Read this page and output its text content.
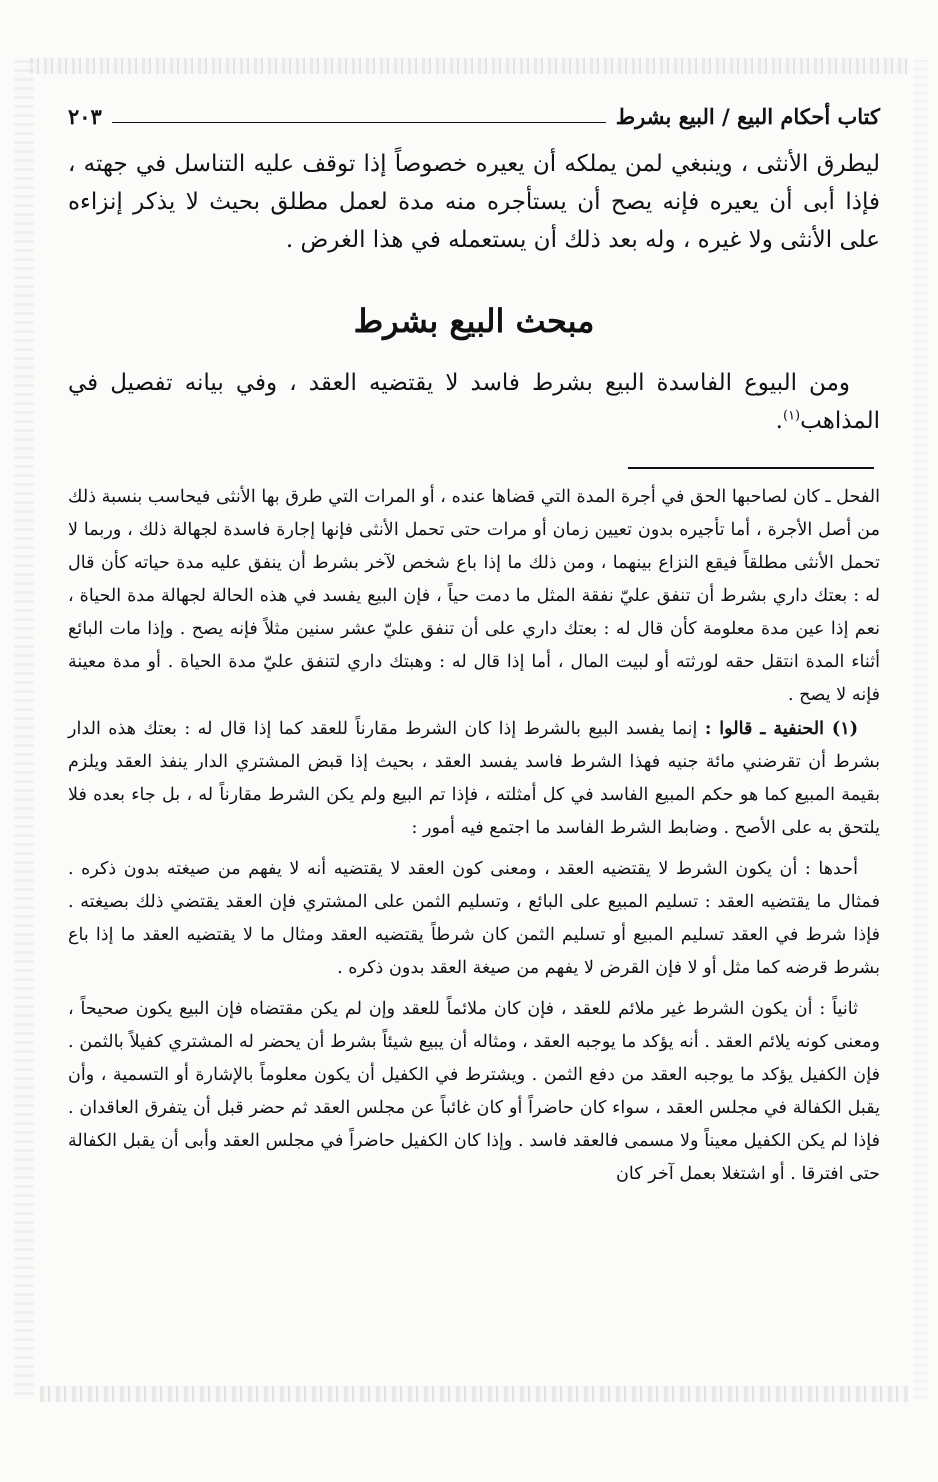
كتاب أحكام البيع / البيع بشرط
٢٠٣

ليطرق الأنثى ، وينبغي لمن يملكه أن يعيره خصوصاً إذا توقف عليه التناسل في جهته ، فإذا أبى أن يعيره فإنه يصح أن يستأجره منه مدة لعمل مطلق بحيث لا يذكر إنزاءه على الأنثى ولا غيره ، وله بعد ذلك أن يستعمله في هذا الغرض .

مبحث البيع بشرط

ومن البيوع الفاسدة البيع بشرط فاسد لا يقتضيه العقد ، وفي بيانه تفصيل في المذاهب$^{(١)}$.

الفحل ـ كان لصاحبها الحق في أجرة المدة التي قضاها عنده ، أو المرات التي طرق بها الأنثى فيحاسب بنسبة ذلك من أصل الأجرة ، أما تأجيره بدون تعيين زمان أو مرات حتى تحمل الأنثى فإنها إجارة فاسدة لجهالة ذلك ، وربما لا تحمل الأنثى مطلقاً فيقع النزاع بينهما ، ومن ذلك ما إذا باع شخص لآخر بشرط أن ينفق عليه مدة حياته كأن قال له : بعتك داري بشرط أن تنفق عليّ نفقة المثل ما دمت حياً ، فإن البيع يفسد في هذه الحالة لجهالة مدة الحياة ، نعم إذا عين مدة معلومة كأن قال له : بعتك داري على أن تنفق عليّ عشر سنين مثلاً فإنه يصح . وإذا مات البائع أثناء المدة انتقل حقه لورثته أو لبيت المال ، أما إذا قال له : وهبتك داري لتنفق عليّ مدة الحياة . أو مدة معينة فإنه لا يصح .

(١) الحنفية ـ قالوا : إنما يفسد البيع بالشرط إذا كان الشرط مقارناً للعقد كما إذا قال له : بعتك هذه الدار بشرط أن تقرضني مائة جنيه فهذا الشرط فاسد يفسد العقد ، بحيث إذا قبض المشتري الدار ينفذ العقد ويلزم بقيمة المبيع كما هو حكم المبيع الفاسد في كل أمثلته ، فإذا تم البيع ولم يكن الشرط مقارناً له ، بل جاء بعده فلا يلتحق به على الأصح . وضابط الشرط الفاسد ما اجتمع فيه أمور :

أحدها : أن يكون الشرط لا يقتضيه العقد ، ومعنى كون العقد لا يقتضيه أنه لا يفهم من صيغته بدون ذكره . فمثال ما يقتضيه العقد : تسليم المبيع على البائع ، وتسليم الثمن على المشتري فإن العقد يقتضي ذلك بصيغته . فإذا شرط في العقد تسليم المبيع أو تسليم الثمن كان شرطاً يقتضيه العقد ومثال ما لا يقتضيه العقد ما إذا باع بشرط قرضه كما مثل أو لا فإن القرض لا يفهم من صيغة العقد بدون ذكره .

ثانياً : أن يكون الشرط غير ملائم للعقد ، فإن كان ملائماً للعقد وإن لم يكن مقتضاه فإن البيع يكون صحيحاً ، ومعنى كونه يلائم العقد . أنه يؤكد ما يوجبه العقد ، ومثاله أن يبيع شيئاً بشرط أن يحضر له المشتري كفيلاً بالثمن . فإن الكفيل يؤكد ما يوجبه العقد من دفع الثمن . ويشترط في الكفيل أن يكون معلوماً بالإشارة أو التسمية ، وأن يقبل الكفالة في مجلس العقد ، سواء كان حاضراً أو كان غائباً عن مجلس العقد ثم حضر قبل أن يتفرق العاقدان . فإذا لم يكن الكفيل معيناً ولا مسمى فالعقد فاسد . وإذا كان الكفيل حاضراً في مجلس العقد وأبى أن يقبل الكفالة حتى افترقا . أو اشتغلا بعمل آخر كان
